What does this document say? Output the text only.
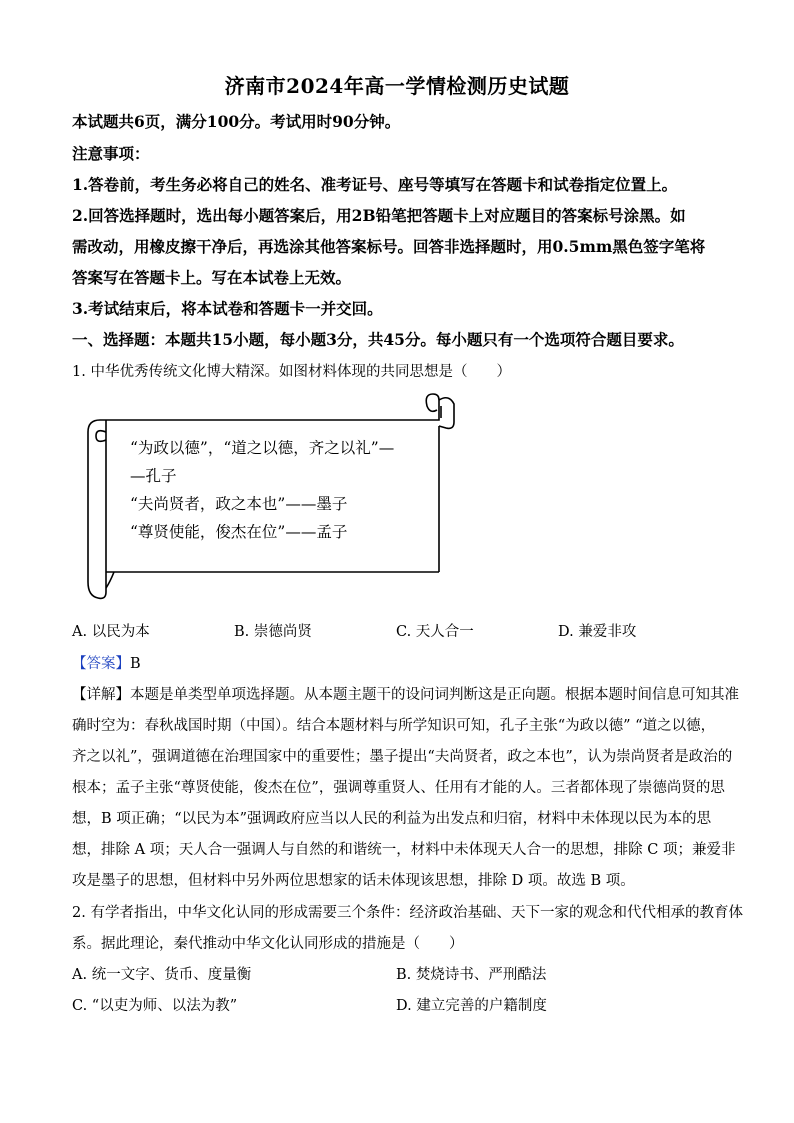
济南市2024年高一学情检测历史试题
本试题共6页，满分100分。考试用时90分钟。
注意事项：
1.答卷前，考生务必将自己的姓名、准考证号、座号等填写在答题卡和试卷指定位置上。
2.回答选择题时，选出每小题答案后，用2B铅笔把答题卡上对应题目的答案标号涂黑。如
需改动，用橡皮擦干净后，再选涂其他答案标号。回答非选择题时，用0.5mm黑色签字笔将
答案写在答题卡上。写在本试卷上无效。
3.考试结束后，将本试卷和答题卡一并交回。
一、选择题：本题共15小题，每小题3分，共45分。每小题只有一个选项符合题目要求。
1. 中华优秀传统文化博大精深。如图材料体现的共同思想是（　　）
“为政以德”，“道之以德，齐之以礼”—
—孔子
“夫尚贤者，政之本也”——墨子
“尊贤使能，俊杰在位”——孟子
A. 以民为本	B. 崇德尚贤	C. 天人合一	D. 兼爱非攻
【答案】B
【详解】本题是单类型单项选择题。从本题主题干的设问词判断这是正向题。根据本题时间信息可知其准
确时空为：春秋战国时期（中国）。结合本题材料与所学知识可知，孔子主张“为政以德” “道之以德，
齐之以礼”，强调道德在治理国家中的重要性；墨子提出“夫尚贤者，政之本也”，认为崇尚贤者是政治的
根本；孟子主张“尊贤使能，俊杰在位”，强调尊重贤人、任用有才能的人。三者都体现了崇德尚贤的思
想，B 项正确；“以民为本”强调政府应当以人民的利益为出发点和归宿，材料中未体现以民为本的思
想，排除 A 项；天人合一强调人与自然的和谐统一，材料中未体现天人合一的思想，排除 C 项；兼爱非
攻是墨子的思想，但材料中另外两位思想家的话未体现该思想，排除 D 项。故选 B 项。
2. 有学者指出，中华文化认同的形成需要三个条件：经济政治基础、天下一家的观念和代代相承的教育体
系。据此理论，秦代推动中华文化认同形成的措施是（　　）
A. 统一文字、货币、度量衡	B. 焚烧诗书、严刑酷法
C. “以吏为师、以法为教”	D. 建立完善的户籍制度
